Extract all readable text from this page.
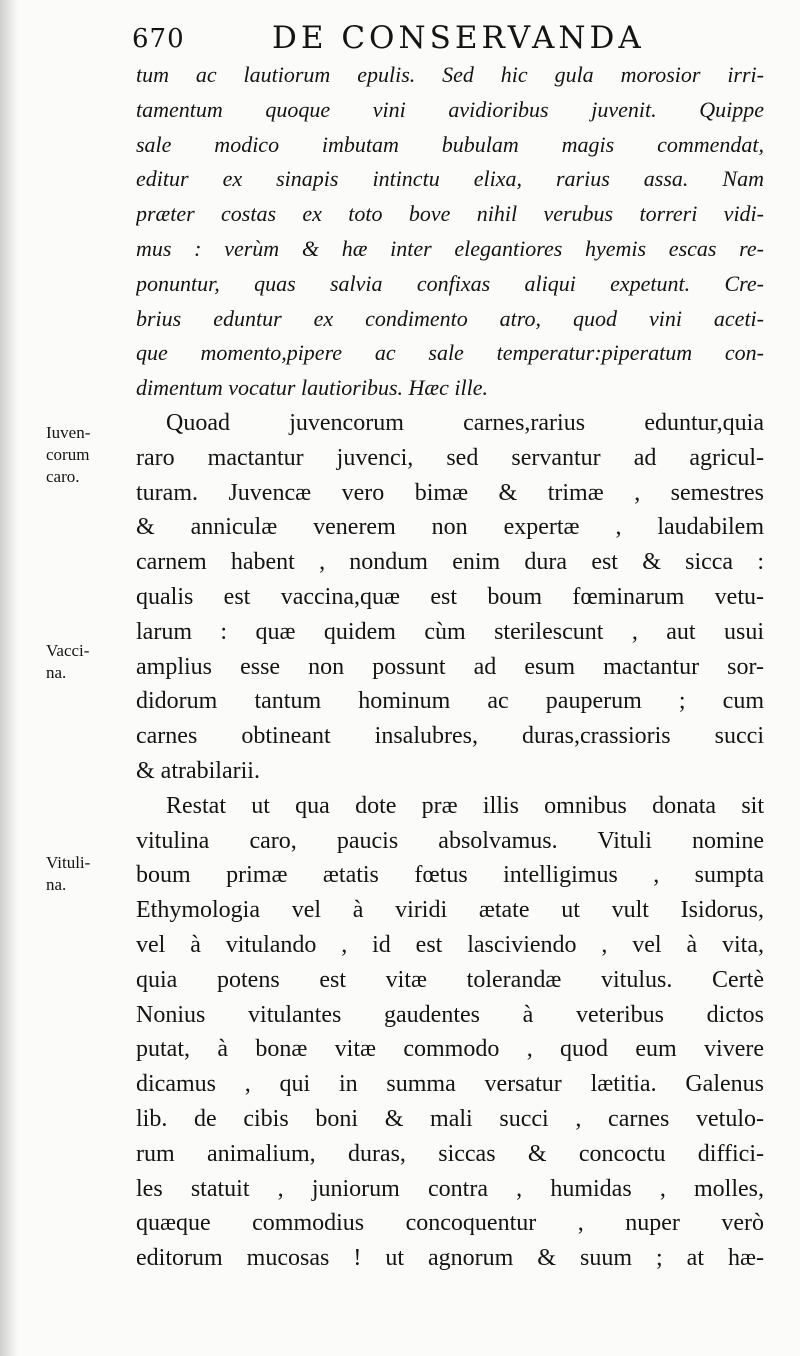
670	DE CONSERVANDA
tum ac lautiorum epulis. Sed hic gula morosior irri-
tamentum quoque vini avidioribus juvenit. Quippe
sale modico imbutam bubulam magis commendat,
editur ex sinapis intinctu elixa, rarius assa. Nam
præter costas ex toto bove nihil verubus torreri vidi-
mus : verùm & hæ inter elegantiores hyemis escas re-
ponuntur, quas salvia confixas aliqui expetunt. Cre-
brius eduntur ex condimento atro, quod vini aceti-
que momento,pipere ac sale temperatur:piperatum con-
dimentum vocatur lautioribus. Hæc ille.
Quoad juvencorum carnes,rarius eduntur,quia
raro mactantur juvenci, sed servantur ad agricul-
turam. Juvencæ vero bimæ & trimæ , semestres
& anniculæ venerem non expertæ , laudabilem
carnem habent , nondum enim dura est & sicca :
qualis est vaccina,quæ est boum fœminarum vetu-
larum : quæ quidem cùm sterilescunt , aut usui
amplius esse non possunt ad esum mactantur sor-
didorum tantum hominum ac pauperum ; cum
carnes obtineant insalubres, duras,crassioris succi
& atrabilarii.
Restat ut qua dote præ illis omnibus donata sit
vitulina caro, paucis absolvamus. Vituli nomine
boum primæ ætatis fœtus intelligimus , sumpta
Ethymologia vel à viridi ætate ut vult Isidorus,
vel à vitulando , id est lasciviendo , vel à vita,
quia potens est vitæ tolerandæ vitulus. Certè
Nonius vitulantes gaudentes à veteribus dictos
putat, à bonæ vitæ commodo , quod eum vivere
dicamus , qui in summa versatur lætitia. Galenus
lib. de cibis boni & mali succi , carnes vetulo-
rum animalium, duras, siccas & concoctu diffici-
les statuit , juniorum contra , humidas , molles,
quæque commodius concoquentur , nuper verò
editorum mucosas ! ut agnorum & suum ; at hæ-
Iuven-
corum
caro.
Vacci-
na.
Vituli-
na.
